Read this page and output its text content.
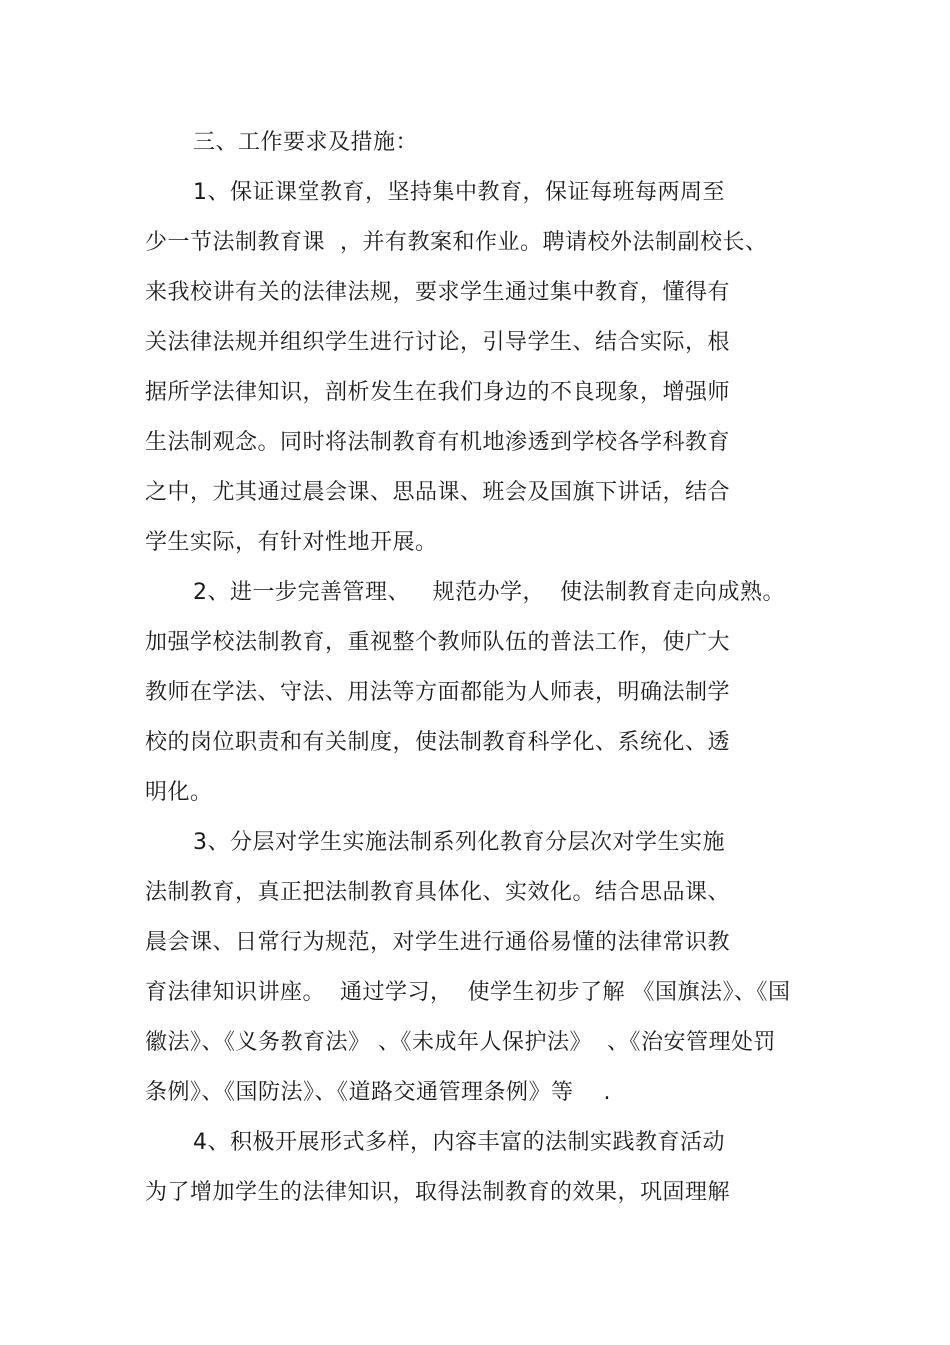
三、工作要求及措施：
1、保证课堂教育，坚持集中教育，保证每班每两周至
少一节法制教育课  ，并有教案和作业。聘请校外法制副校长、
来我校讲有关的法律法规，要求学生通过集中教育，懂得有
关法律法规并组织学生进行讨论，引导学生、结合实际，根
据所学法律知识，剖析发生在我们身边的不良现象，增强师
生法制观念。同时将法制教育有机地渗透到学校各学科教育
之中，尤其通过晨会课、思品课、班会及国旗下讲话，结合
学生实际，有针对性地开展。
2、进一步完善管理、   规范办学，  使法制教育走向成熟。
加强学校法制教育，重视整个教师队伍的普法工作，使广大
教师在学法、守法、用法等方面都能为人师表，明确法制学
校的岗位职责和有关制度，使法制教育科学化、系统化、透
明化。
3、分层对学生实施法制系列化教育分层次对学生实施
法制教育，真正把法制教育具体化、实效化。结合思品课、
晨会课、日常行为规范，对学生进行通俗易懂的法律常识教
育法律知识讲座。  通过学习，  使学生初步了解 《国旗法》、《国
徽法》、《义务教育法》 、《未成年人保护法》  、《治安管理处罚
条例》、《国防法》、《道路交通管理条例》等    .
4、积极开展形式多样，内容丰富的法制实践教育活动
为了增加学生的法律知识，取得法制教育的效果，巩固理解
